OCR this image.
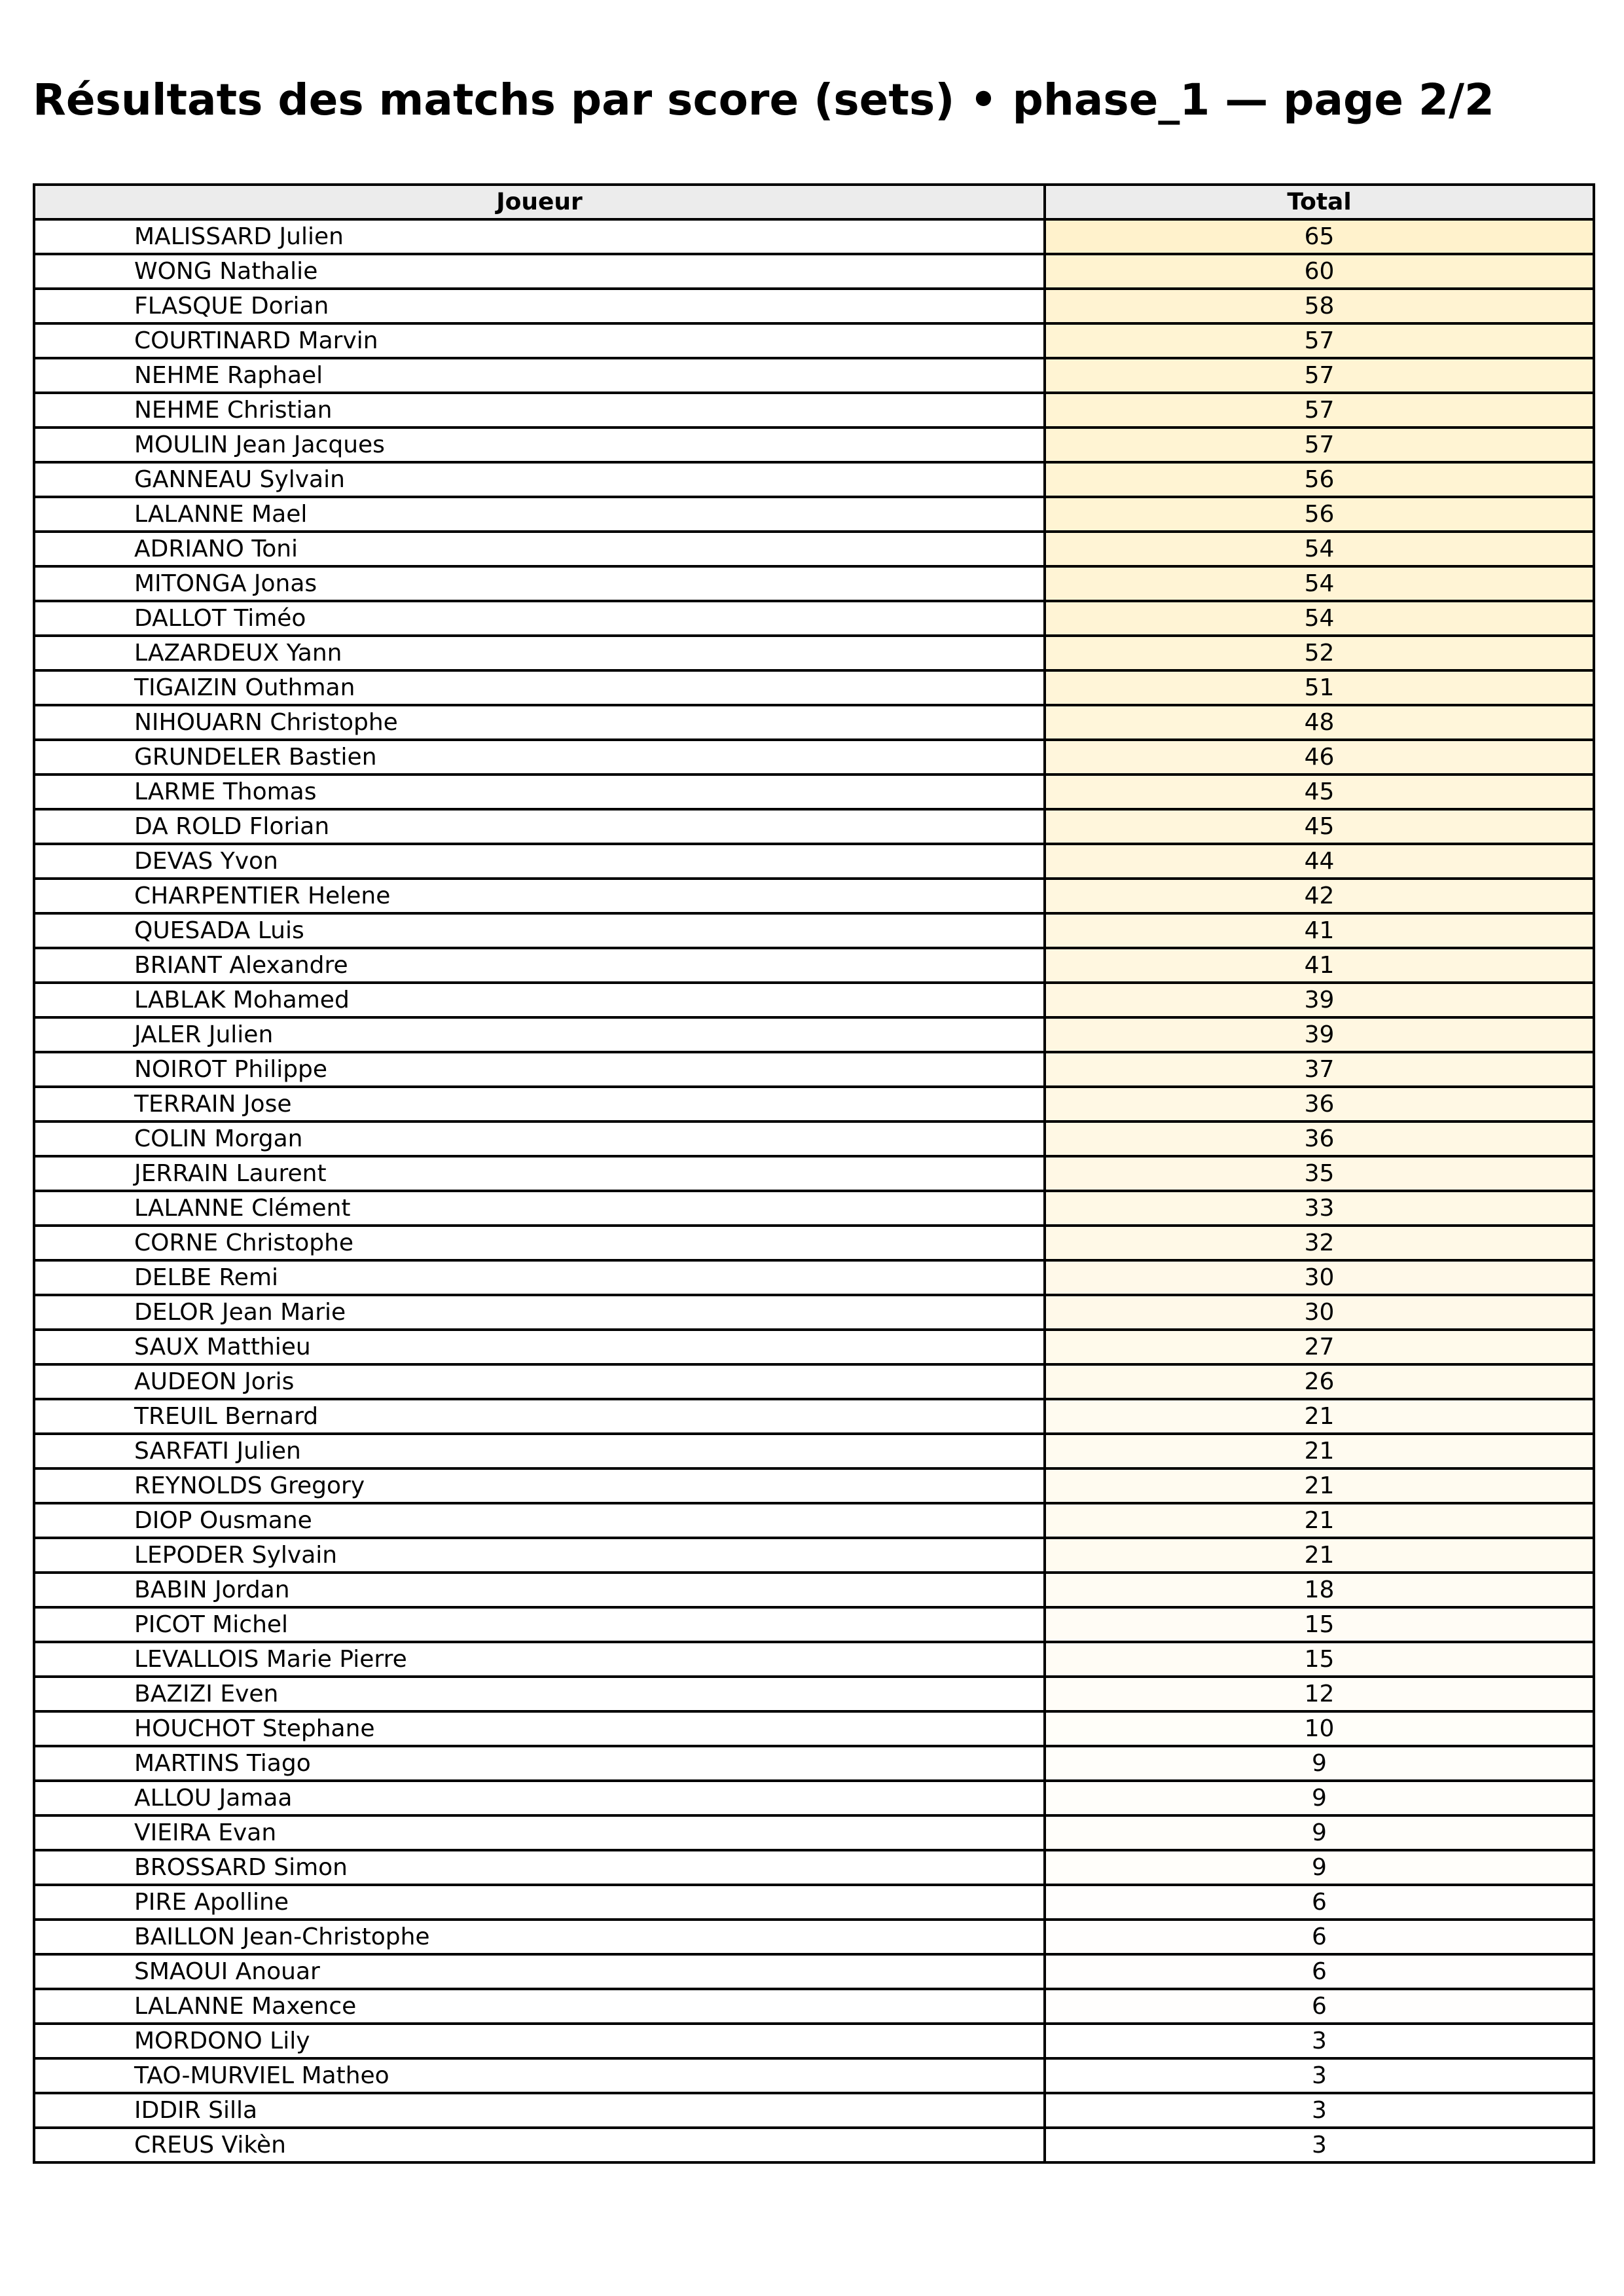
Résultats des matchs par score (sets) • phase_1 — page 2/2
Joueur	Total
MALISSARD Julien	65
WONG Nathalie	60
FLASQUE Dorian	58
COURTINARD Marvin	57
NEHME Raphael	57
NEHME Christian	57
MOULIN Jean Jacques	57
GANNEAU Sylvain	56
LALANNE Mael	56
ADRIANO Toni	54
MITONGA Jonas	54
DALLOT Timéo	54
LAZARDEUX Yann	52
TIGAIZIN Outhman	51
NIHOUARN Christophe	48
GRUNDELER Bastien	46
LARME Thomas	45
DA ROLD Florian	45
DEVAS Yvon	44
CHARPENTIER Helene	42
QUESADA Luis	41
BRIANT Alexandre	41
LABLAK Mohamed	39
JALER Julien	39
NOIROT Philippe	37
TERRAIN Jose	36
COLIN Morgan	36
JERRAIN Laurent	35
LALANNE Clément	33
CORNE Christophe	32
DELBE Remi	30
DELOR Jean Marie	30
SAUX Matthieu	27
AUDEON Joris	26
TREUIL Bernard	21
SARFATI Julien	21
REYNOLDS Gregory	21
DIOP Ousmane	21
LEPODER Sylvain	21
BABIN Jordan	18
PICOT Michel	15
LEVALLOIS Marie Pierre	15
BAZIZI Even	12
HOUCHOT Stephane	10
MARTINS Tiago	9
ALLOU Jamaa	9
VIEIRA Evan	9
BROSSARD Simon	9
PIRE Apolline	6
BAILLON Jean-Christophe	6
SMAOUI Anouar	6
LALANNE Maxence	6
MORDONO Lily	3
TAO-MURVIEL Matheo	3
IDDIR Silla	3
CREUS Vikèn	3
